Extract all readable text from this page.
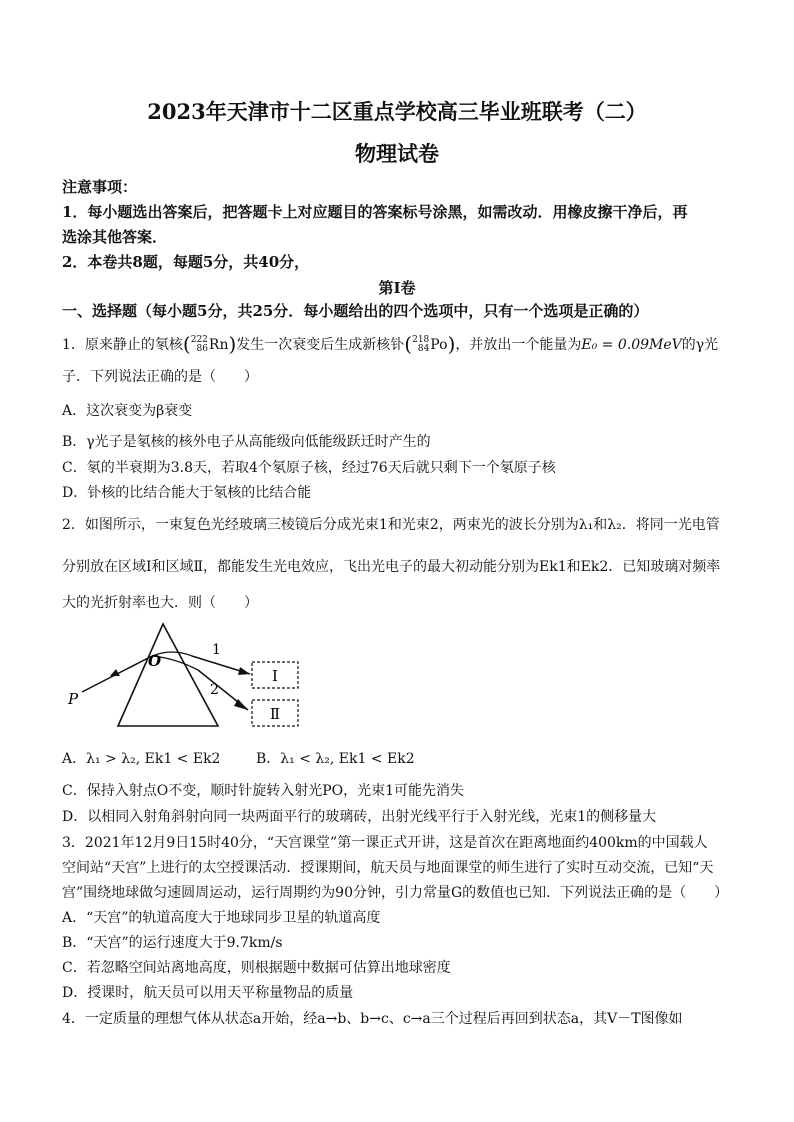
2023年天津市十二区重点学校高三毕业班联考（二）
物理试卷
注意事项：
1．每小题选出答案后，把答题卡上对应题目的答案标号涂黑，如需改动．用橡皮擦干净后，再
选涂其他答案．
2．本卷共8题，每题5分，共40分，
第Ⅰ卷
一、选择题（每小题5分，共25分．每小题给出的四个选项中，只有一个选项是正确的）
1．原来静止的氡核( 222
86 Rn)发生一次衰变后生成新核钋( 218
84 Po)，并放出一个能量为E₀ = 0.09MeV的γ光
子．下列说法正确的是（　　）
A．这次衰变为β衰变
B．γ光子是氡核的核外电子从高能级向低能级跃迁时产生的
C．氡的半衰期为3.8天，若取4个氡原子核，经过76天后就只剩下一个氡原子核
D．钋核的比结合能大于氡核的比结合能
2．如图所示，一束复色光经玻璃三棱镜后分成光束1和光束2，两束光的波长分别为λ₁和λ₂．将同一光电管
分别放在区域Ⅰ和区域Ⅱ，都能发生光电效应，飞出光电子的最大初动能分别为Ek1和Ek2．已知玻璃对频率
大的光折射率也大．则（　　）
Ⅰ
Ⅱ
O
P
1
2
A．λ₁ > λ₂, Ek1 < Ek2	B．λ₁ < λ₂, Ek1 < Ek2
C．保持入射点O不变，顺时针旋转入射光PO，光束1可能先消失
D．以相同入射角斜射向同一块两面平行的玻璃砖，出射光线平行于入射光线，光束1的侧移量大
3．2021年12月9日15时40分，“天宫课堂”第一课正式开讲，这是首次在距离地面约400km的中国载人
空间站“天宫”上进行的太空授课活动．授课期间，航天员与地面课堂的师生进行了实时互动交流，已知“天
宫”围绕地球做匀速圆周运动，运行周期约为90分钟，引力常量G的数值也已知．下列说法正确的是（　　）
A．“天宫”的轨道高度大于地球同步卫星的轨道高度
B．“天宫”的运行速度大于9.7km/s
C．若忽略空间站离地高度，则根据题中数据可估算出地球密度
D．授课时，航天员可以用天平称量物品的质量
4．一定质量的理想气体从状态a开始，经a→b、b→c、c→a三个过程后再回到状态a，其V－T图像如
